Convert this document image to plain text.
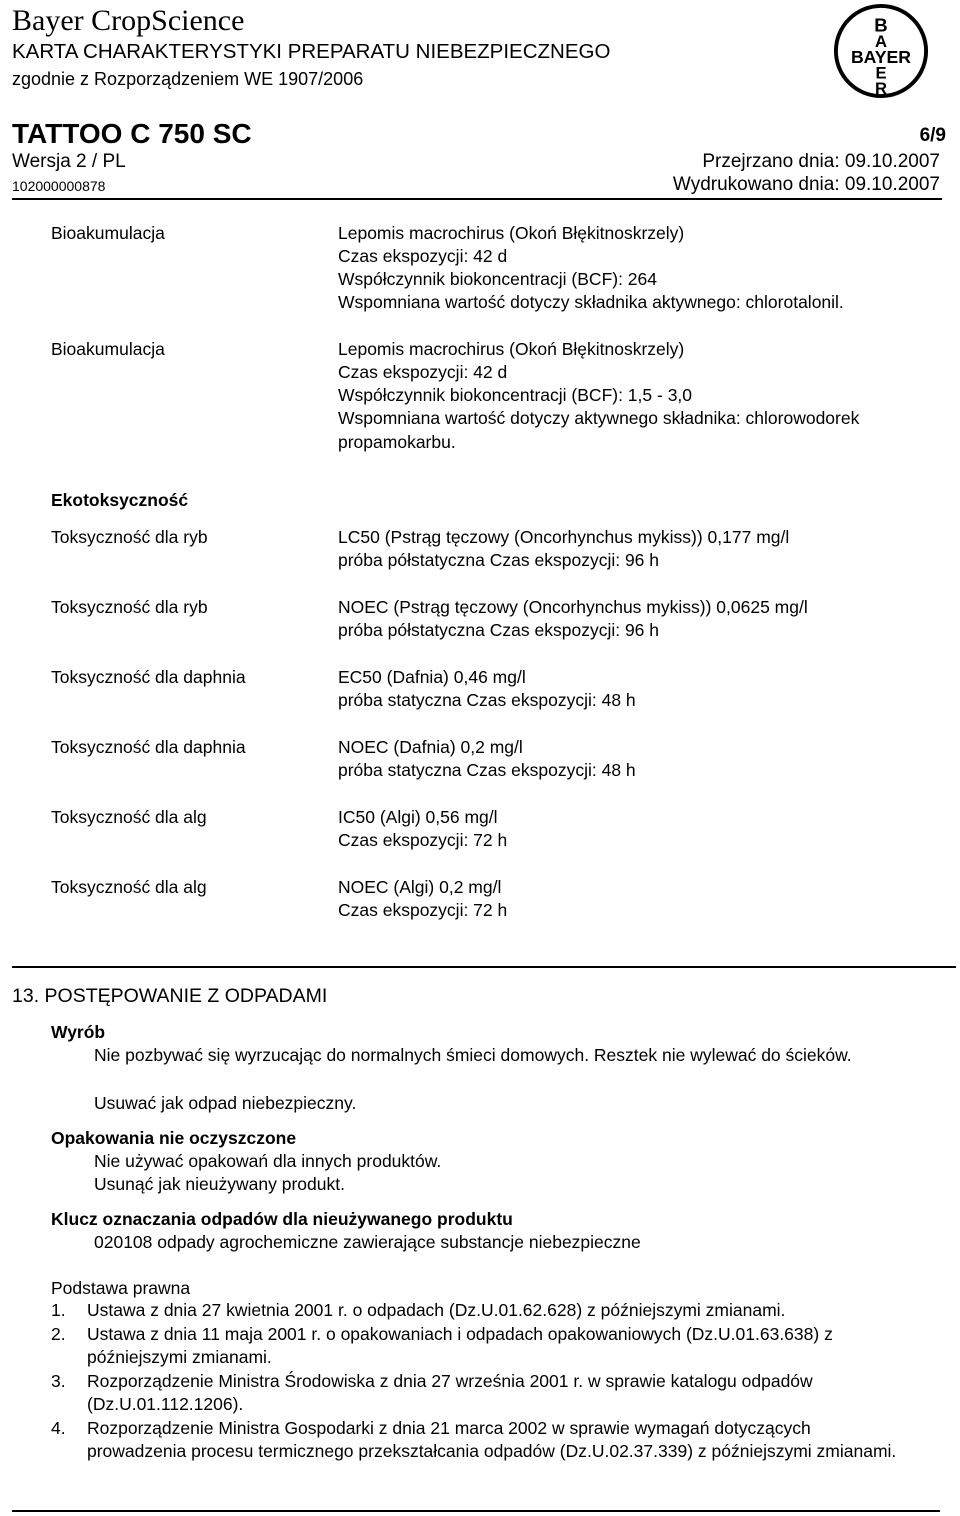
Bayer CropScience
KARTA CHARAKTERYSTYKI PREPARATU NIEBEZPIECZNEGO
zgodnie z Rozporządzeniem WE 1907/2006
B
A
BAYER
E
R
TATTOO C 750 SC	6/9
Wersja 2 / PL	Przejrzano dnia: 09.10.2007
102000000878	Wydrukowano dnia: 09.10.2007
Bioakumulacja	Lepomis macrochirus (Okoń Błękitnoskrzely)
Czas ekspozycji: 42 d
Współczynnik biokoncentracji (BCF): 264
Wspomniana wartość dotyczy składnika aktywnego: chlorotalonil.
Bioakumulacja	Lepomis macrochirus (Okoń Błękitnoskrzely)
Czas ekspozycji: 42 d
Współczynnik biokoncentracji (BCF): 1,5 - 3,0
Wspomniana wartość dotyczy aktywnego składnika: chlorowodorek propamokarbu.
Ekotoksyczność
Toksyczność dla ryb	LC50 (Pstrąg tęczowy (Oncorhynchus mykiss)) 0,177 mg/l
próba półstatyczna Czas ekspozycji: 96 h
Toksyczność dla ryb	NOEC (Pstrąg tęczowy (Oncorhynchus mykiss)) 0,0625 mg/l
próba półstatyczna Czas ekspozycji: 96 h
Toksyczność dla daphnia	EC50 (Dafnia) 0,46 mg/l
próba statyczna Czas ekspozycji: 48 h
Toksyczność dla daphnia	NOEC (Dafnia) 0,2 mg/l
próba statyczna Czas ekspozycji: 48 h
Toksyczność dla alg	IC50 (Algi) 0,56 mg/l
Czas ekspozycji: 72 h
Toksyczność dla alg	NOEC (Algi) 0,2 mg/l
Czas ekspozycji: 72 h
13. POSTĘPOWANIE Z ODPADAMI
Wyrób
Nie pozbywać się wyrzucając do normalnych śmieci domowych. Resztek nie wylewać do ściekόw.
Usuwać jak odpad niebezpieczny.
Opakowania nie oczyszczone
Nie używać opakowań dla innych produktów.
Usunąć jak nieużywany produkt.
Klucz oznaczania odpadów dla nieużywanego produktu
020108 odpady agrochemiczne zawierające substancje niebezpieczne
Podstawa prawna
1. Ustawa z dnia 27 kwietnia 2001 r. o odpadach (Dz.U.01.62.628) z późniejszymi zmianami.
2. Ustawa z dnia 11 maja 2001 r. o opakowaniach i odpadach opakowaniowych (Dz.U.01.63.638) z późniejszymi zmianami.
3. Rozporządzenie Ministra Środowiska z dnia 27 września 2001 r. w sprawie katalogu odpadów (Dz.U.01.112.1206).
4. Rozporządzenie Ministra Gospodarki z dnia 21 marca 2002 w sprawie wymagań dotyczących prowadzenia procesu termicznego przekształcania odpadów (Dz.U.02.37.339) z późniejszymi zmianami.
